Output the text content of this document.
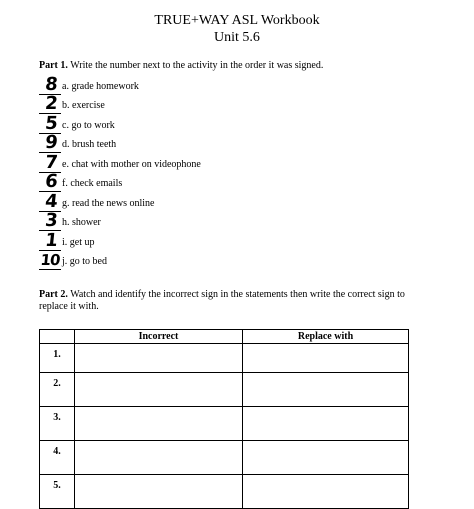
TRUE+WAY ASL Workbook
Unit 5.6
Part 1. Write the number next to the activity in the order it was signed.
8 a. grade homework
2 b. exercise
5 c. go to work
9 d. brush teeth
7 e. chat with mother on videophone
6 f. check emails
4 g. read the news online
3 h. shower
1 i. get up
10 j. go to bed
Part 2. Watch and identify the incorrect sign in the statements then write the correct sign to replace it with.
	Incorrect	Replace with
1.		
2.		
3.		
4.		
5.		
